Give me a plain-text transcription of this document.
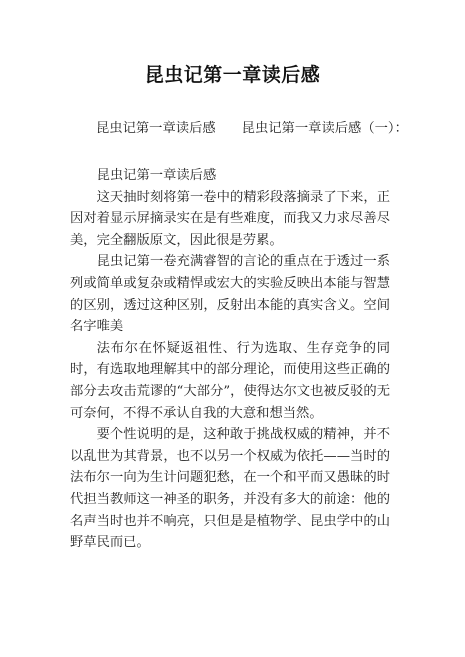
昆虫记第一章读后感
昆虫记第一章读后感 昆虫记第一章读后感（一）：

昆虫记第一章读后感

这天抽时刻将第一卷中的精彩段落摘录了下来，正因对着显示屏摘录实在是有些难度，而我又力求尽善尽美，完全翻版原文，因此很是劳累。

昆虫记第一卷充满睿智的言论的重点在于透过一系列或简单或复杂或精悍或宏大的实验反映出本能与智慧的区别，透过这种区别，反射出本能的真实含义。空间名字唯美

法布尔在怀疑返祖性、行为选取、生存竞争的同时，有选取地理解其中的部分理论，而使用这些正确的部分去攻击荒谬的“大部分”，使得达尔文也被反驳的无可奈何，不得不承认自我的大意和想当然。

要个性说明的是，这种敢于挑战权威的精神，并不以乱世为其背景，也不以另一个权威为依托——当时的法布尔一向为生计问题犯愁，在一个和平而又愚昧的时代担当教师这一神圣的职务，并没有多大的前途：他的名声当时也并不响亮，只但是是植物学、昆虫学中的山野草民而已。
